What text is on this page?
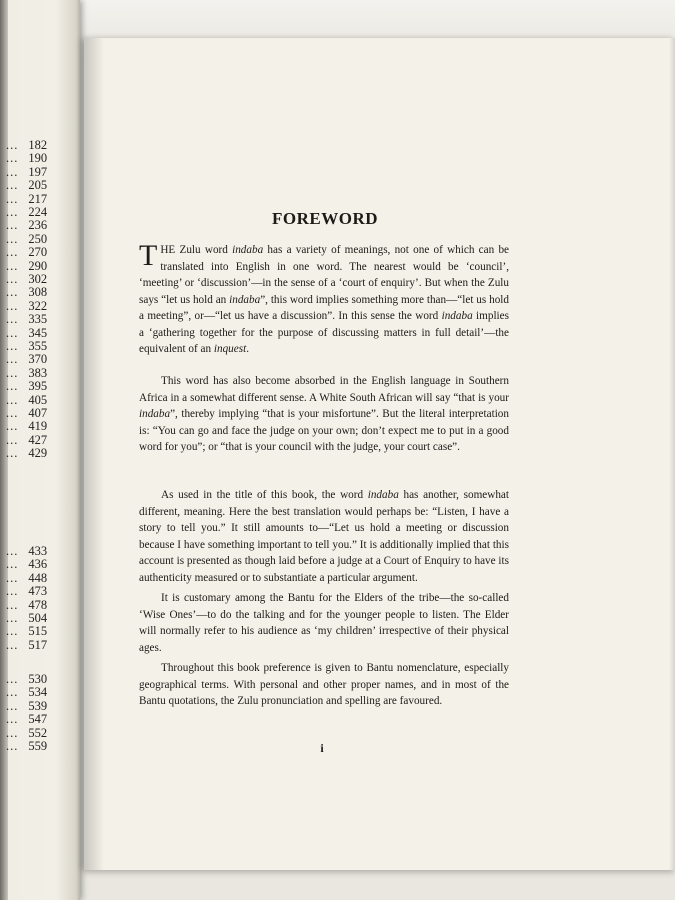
... 182
... 190
... 197
... 205
... 217
... 224
... 236
... 250
... 270
... 290
... 302
... 308
... 322
... 335
... 345
... 355
... 370
... 383
... 395
... 405
... 407
... 419
... 427
... 429
... 433
... 436
... 448
... 473
... 478
... 504
... 515
... 517
... 530
... 534
... 539
... 547
... 552
... 559
FOREWORD

THE Zulu word indaba has a variety of meanings, not one of which can be translated into English in one word. The nearest would be ‘council’, ‘meeting’ or ‘discussion’—in the sense of a ‘court of enquiry’. But when the Zulu says “let us hold an indaba”, this word implies something more than—“let us hold a meeting”, or—“let us have a discussion”. In this sense the word indaba implies a ‘gathering together for the purpose of discussing matters in full detail’—the equivalent of an inquest.

This word has also become absorbed in the English language in Southern Africa in a somewhat different sense. A White South African will say “that is your indaba”, thereby implying “that is your misfortune”. But the literal interpretation is: “You can go and face the judge on your own; don’t expect me to put in a good word for you”; or “that is your council with the judge, your court case”.

As used in the title of this book, the word indaba has another, somewhat different, meaning. Here the best translation would perhaps be: “Listen, I have a story to tell you.” It still amounts to—“Let us hold a meeting or discussion because I have something important to tell you.” It is additionally implied that this account is presented as though laid before a judge at a Court of Enquiry to have its authenticity measured or to substantiate a particular argument.

It is customary among the Bantu for the Elders of the tribe—the so-called ‘Wise Ones’—to do the talking and for the younger people to listen. The Elder will normally refer to his audience as ‘my children’ irrespective of their physical ages.

Throughout this book preference is given to Bantu nomenclature, especially geographical terms. With personal and other proper names, and in most of the Bantu quotations, the Zulu pronunciation and spelling are favoured.

i
